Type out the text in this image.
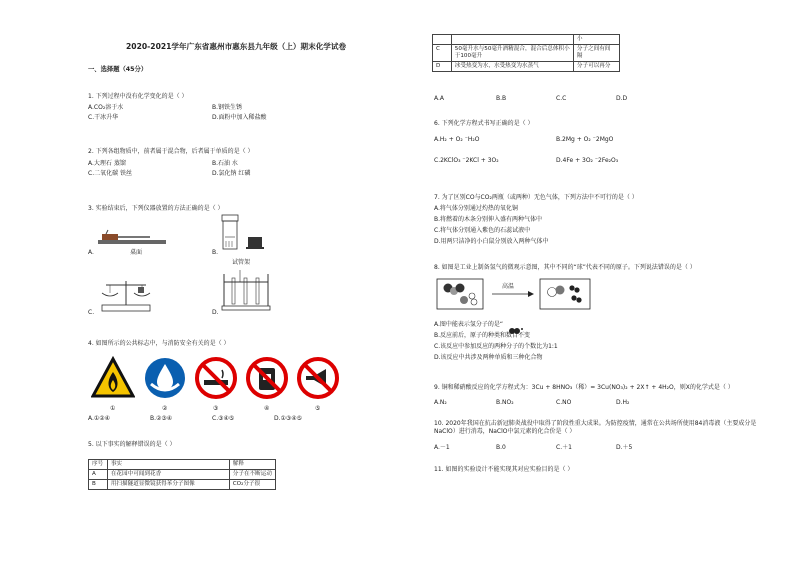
2020-2021学年广东省惠州市惠东县九年级（上）期末化学试卷
一、选择题（45分）
1. 下列过程中没有化学变化的是（ ）
A.CO₂溶于水	B.钢铁生锈
C.干冰升华	D.面粉中加入稀盐酸
2. 下列各组物质中，前者属于混合物，后者属于单质的是（ ）
A.大理石 蒸馏	B.石油 水
C.二氧化碳 铁丝	D.氯化钠 红磷
3. 实验结束后，下列仪器放置的方法正确的是（ ）
A.	桌面	B.
C.	D.
试管架
4. 如图所示的公共标志中，与消防安全有关的是（ ）
①	②	③	④	⑤
A.①②④	B.②③④	C.③④⑤	D.①③④⑤
5. 以下事实的解释错误的是（ ）
序号	事实	解释
A	在花园中可闻到花香	分子在不断运动
B	用扫描隧道显微镜获得苯分子图像	CO₂分子很
		小
C	50毫升水与50毫升酒精混合，混合后总体积小于100毫升	分子之间有间隔
D	冰受热变为水，水受热变为水蒸气	分子可以再分
A.A	B.B	C.C	D.D
6. 下列化学方程式书写正确的是（ ）
A.H₂ + O₂ ⁻H₂O	B.2Mg + O₂ ⁻2MgO
C.2KClO₃ ⁻2KCl + 3O₂	D.4Fe + 3O₂ ⁻2Fe₂O₃
7. 为了区别CO与CO₂两瓶（或两种）无色气体，下列方法中不可行的是（ ）
A.将气体分别通过灼热的氧化铜
B.将燃着的木条分别伸入盛有两种气体中
C.将气体分别通入紫色的石蕊试液中
D.用两只洁净的小白鼠分别放入两种气体中
8. 如图是工业上制备氢气的微观示意图，其中不同的“球”代表不同的原子。下列说法错误的是（ ）
高温
A.图中能表示氢分子的是“
B.反应前后，原子的种类和数目不变
C.该反应中参加反应的两种分子的个数比为1:1
D.该反应中共涉及两种单质和三种化合物
9. 铜和稀硝酸反应的化学方程式为：3Cu + 8HNO₃（稀）= 3Cu(NO₃)₂ + 2X↑ + 4H₂O，则X的化学式是（ ）
A.N₂	B.NO₂	C.NO	D.H₂
10. 2020年我国在抗击新冠肺炎战役中取得了阶段性重大成果。为防控疫情，通常在公共场所使用84消毒液（主要成分是NaClO）进行消毒，NaClO中氯元素的化合价是（ ）
A.－1	B.0	C.＋1	D.＋5
11. 如图的实验设计不能实现其对应实验目的是（ ）
